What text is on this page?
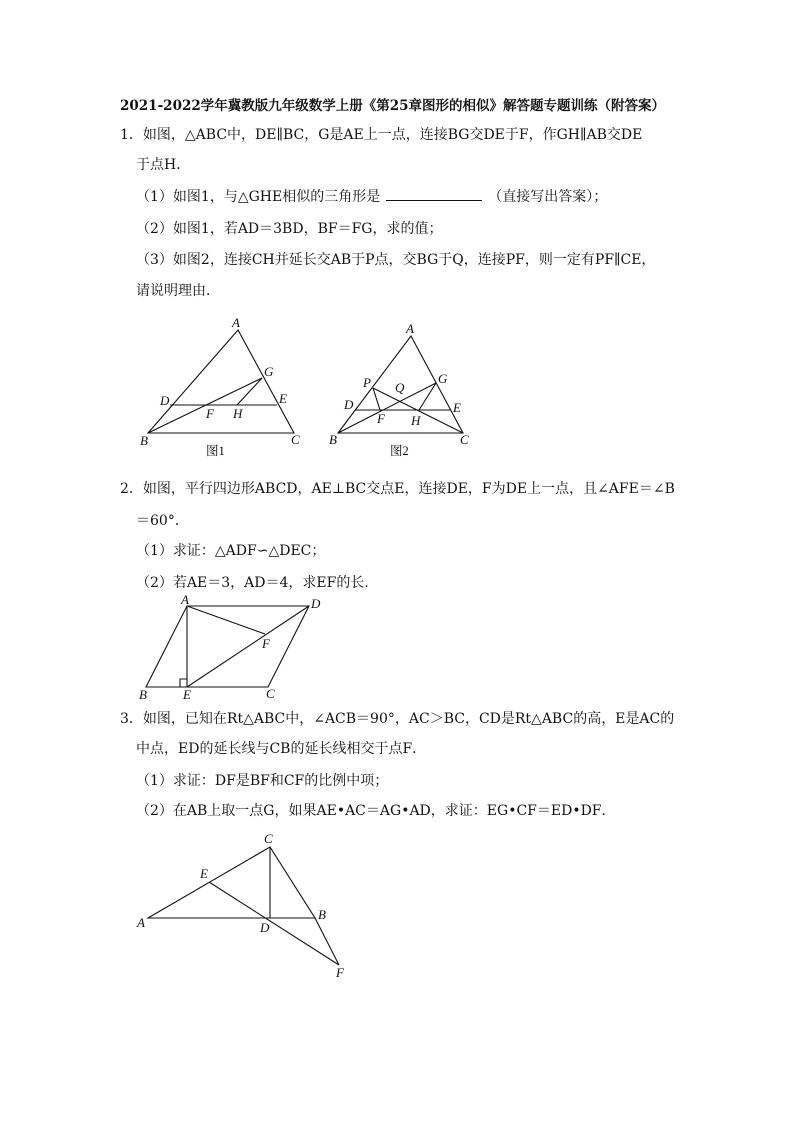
2021-2022学年冀教版九年级数学上册《第25章图形的相似》解答题专题训练（附答案）
1．如图，△ABC中，DE∥BC，G是AE上一点，连接BG交DE于F，作GH∥AB交DE
于点H．
（1）如图1，与△GHE相似的三角形是	（直接写出答案）；
（2）如图1，若AD＝3BD，BF＝FG，求的值；
（3）如图2，连接CH并延长交AB于P点，交BG于Q，连接PF，则一定有PF∥CE，
请说明理由．
A
B	C
D	E
F
G
H
图1
A
B	C
D	E
F
G
H
P Q
图2
2．如图，平行四边形ABCD，AE⊥BC交点E，连接DE，F为DE上一点，且∠AFE＝∠B
＝60°．
（1）求证：△ADF∽△DEC；
（2）若AE＝3，AD＝4，求EF的长．
A
B	C
D
E
F
3．如图，已知在Rt△ABC中，∠ACB＝90°，AC＞BC，CD是Rt△ABC的高，E是AC的
中点，ED的延长线与CB的延长线相交于点F．
（1）求证：DF是BF和CF的比例中项；
（2）在AB上取一点G，如果AE•AC＝AG•AD，求证：EG•CF＝ED•DF．
C
E
A	D
B
F
